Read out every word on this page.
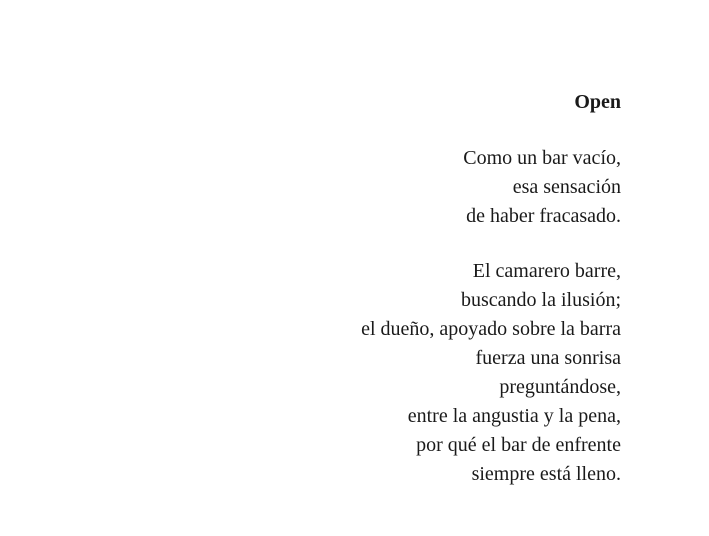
Open
Como un bar vacío,
esa sensación
de haber fracasado.
El camarero barre,
buscando la ilusión;
el dueño, apoyado sobre la barra
fuerza una sonrisa
preguntándose,
entre la angustia y la pena,
por qué el bar de enfrente
siempre está lleno.
